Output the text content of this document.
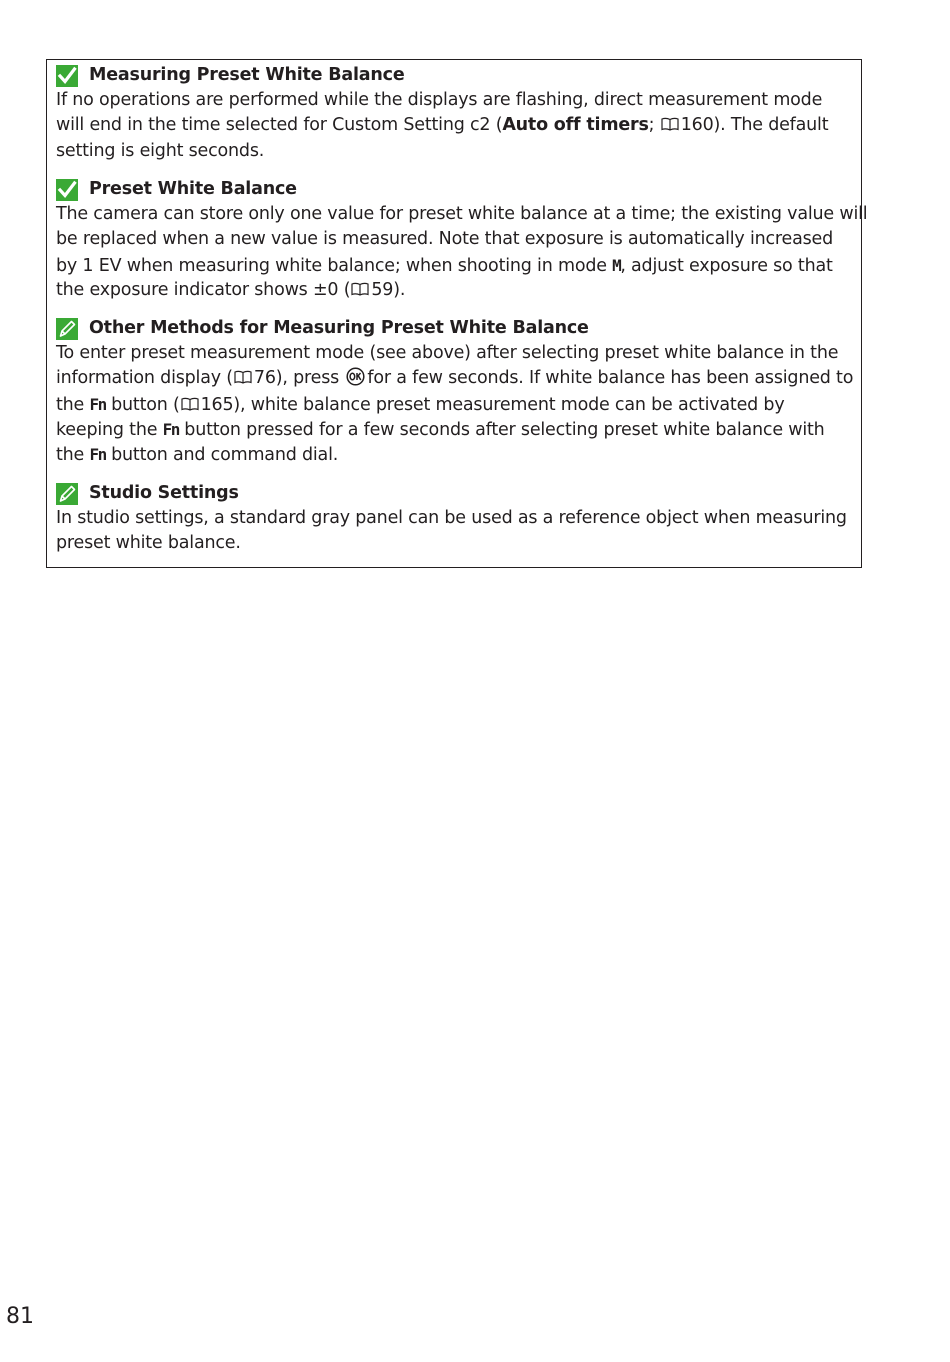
Measuring Preset White Balance
If no operations are performed while the displays are flashing, direct measurement mode
will end in the time selected for Custom Setting c2 (Auto off timers;
160). The default
setting is eight seconds.
Preset White Balance
The camera can store only one value for preset white balance at a time; the existing value will
be replaced when a new value is measured. Note that exposure is automatically increased
by 1 EV when measuring white balance; when shooting in mode M, adjust exposure so that
the exposure indicator shows ±0 ( 59).
Other Methods for Measuring Preset White Balance
To enter preset measurement mode (see above) after selecting preset white balance in the
information display ( 76), press
for a few seconds. If white balance has been assigned to
the Fn button ( 165), white balance preset measurement mode can be activated by
keeping the Fn button pressed for a few seconds after selecting preset white balance with
the Fn button and command dial.
Studio Settings
In studio settings, a standard gray panel can be used as a reference object when measuring
preset white balance.
81
